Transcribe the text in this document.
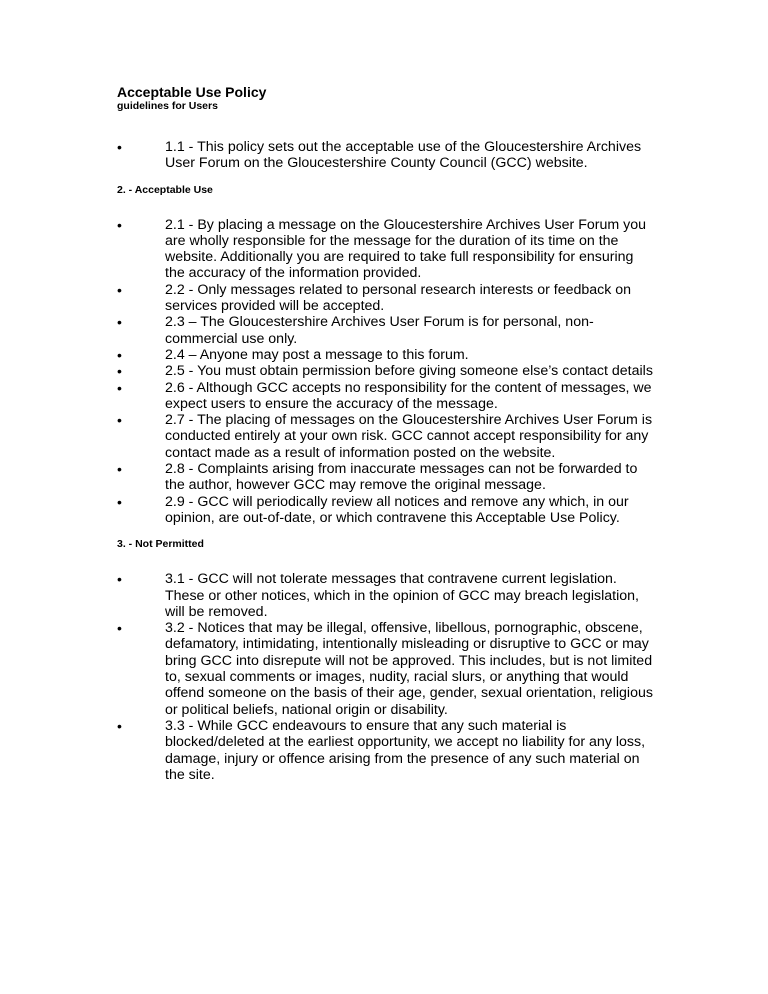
Acceptable Use Policy
guidelines for Users
•	1.1 - This policy sets out the acceptable use of the Gloucestershire Archives User Forum on the Gloucestershire County Council (GCC) website.
2. - Acceptable Use
•	2.1 - By placing a message on the Gloucestershire Archives User Forum you are wholly responsible for the message for the duration of its time on the website. Additionally you are required to take full responsibility for ensuring the accuracy of the information provided.
•	2.2 - Only messages related to personal research interests or feedback on services provided will be accepted.
•	2.3 – The Gloucestershire Archives User Forum is for personal, non-commercial use only.
•	2.4 – Anyone may post a message to this forum.
•	2.5 - You must obtain permission before giving someone else’s contact details
•	2.6 - Although GCC accepts no responsibility for the content of messages, we expect users to ensure the accuracy of the message.
•	2.7 - The placing of messages on the Gloucestershire Archives User Forum is conducted entirely at your own risk. GCC cannot accept responsibility for any contact made as a result of information posted on the website.
•	2.8 - Complaints arising from inaccurate messages can not be forwarded to the author, however GCC may remove the original message.
•	2.9 - GCC will periodically review all notices and remove any which, in our opinion, are out-of-date, or which contravene this Acceptable Use Policy.
3. - Not Permitted
•	3.1 - GCC will not tolerate messages that contravene current legislation. These or other notices, which in the opinion of GCC may breach legislation, will be removed.
•	3.2 - Notices that may be illegal, offensive, libellous, pornographic, obscene, defamatory, intimidating, intentionally misleading or disruptive to GCC or may bring GCC into disrepute will not be approved. This includes, but is not limited to, sexual comments or images, nudity, racial slurs, or anything that would offend someone on the basis of their age, gender, sexual orientation, religious or political beliefs, national origin or disability.
•	3.3 - While GCC endeavours to ensure that any such material is blocked/deleted at the earliest opportunity, we accept no liability for any loss, damage, injury or offence arising from the presence of any such material on the site.
